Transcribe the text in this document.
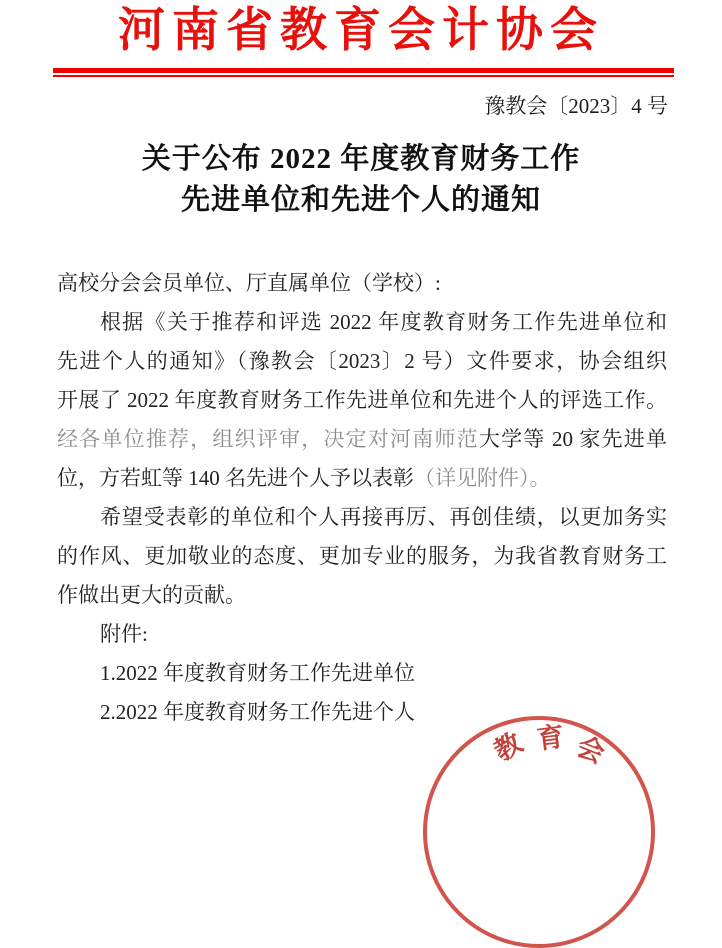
河南省教育会计协会
豫教会〔2023〕4 号
关于公布 2022 年度教育财务工作
先进单位和先进个人的通知
高校分会会员单位、厅直属单位（学校）:
根据《关于推荐和评选 2022 年度教育财务工作先进单位和
先进个人的通知》（豫教会〔2023〕2 号）文件要求，协会组织
开展了 2022 年度教育财务工作先进单位和先进个人的评选工作。
经各单位推荐，组织评审，决定对河南师范大学等 20 家先进单
位，方若虹等 140 名先进个人予以表彰（详见附件）。
希望受表彰的单位和个人再接再厉、再创佳绩，以更加务实
的作风、更加敬业的态度、更加专业的服务，为我省教育财务工
作做出更大的贡献。
附件:
1.2022 年度教育财务工作先进单位
2.2022 年度教育财务工作先进个人
教 育 会
